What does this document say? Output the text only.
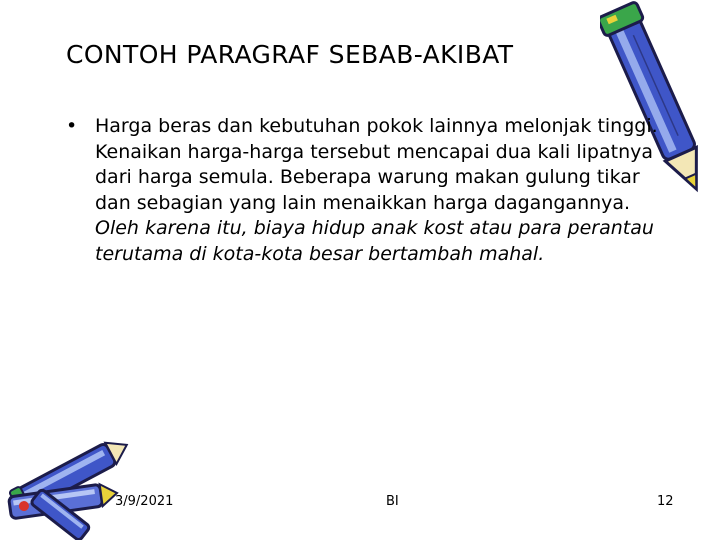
CONTOH PARAGRAF SEBAB-AKIBAT
• Harga beras dan kebutuhan pokok lainnya melonjak tinggi. Kenaikan harga-harga tersebut mencapai dua kali lipatnya dari harga semula. Beberapa warung makan gulung tikar dan sebagian yang lain menaikkan harga dagangannya. Oleh karena itu, biaya hidup anak kost atau para perantau terutama di kota-kota besar bertambah mahal.
3/9/2021	BI	12
